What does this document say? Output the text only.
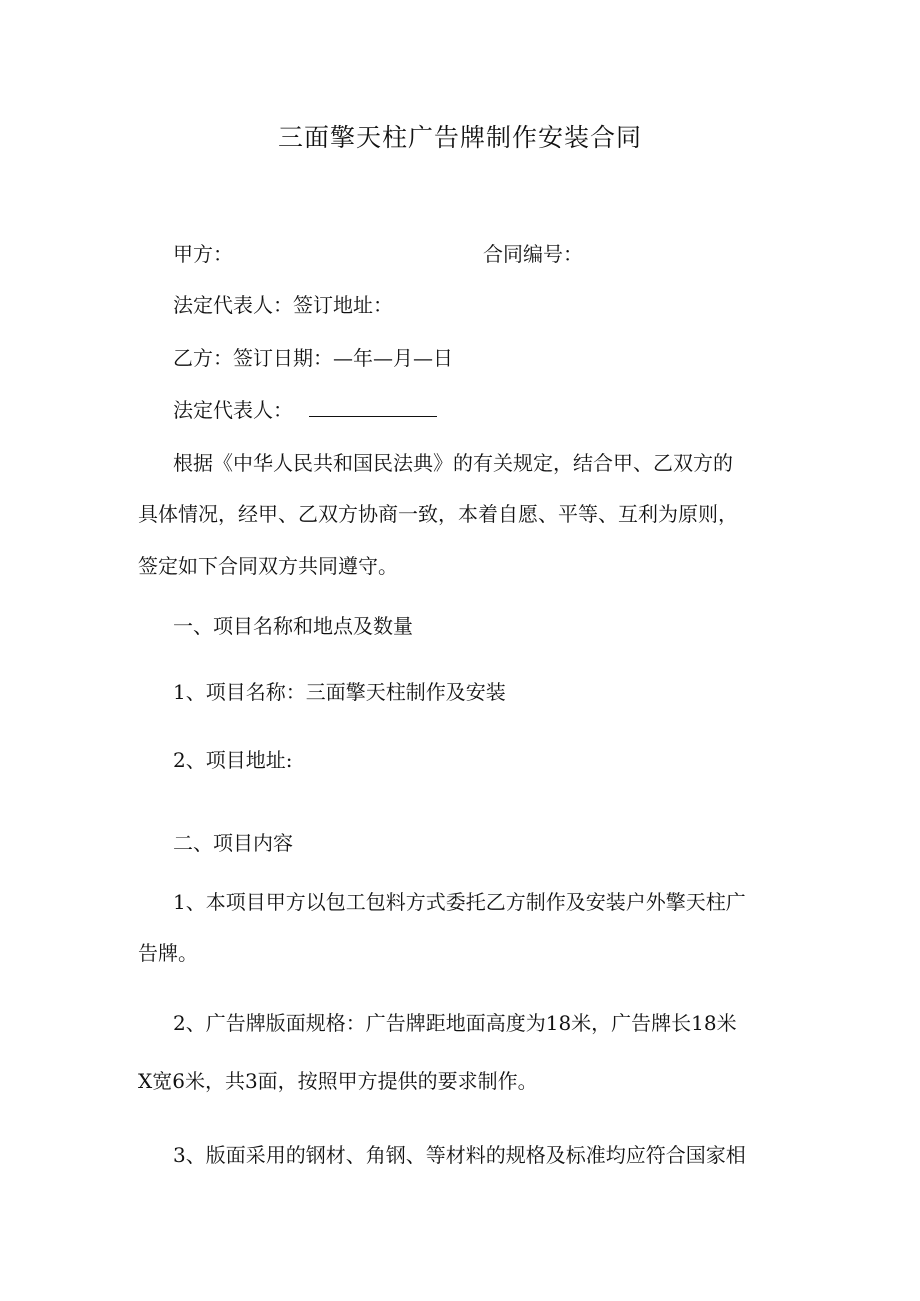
三面擎天柱广告牌制作安装合同
甲方：	合同编号：
法定代表人：签订地址：
乙方：签订日期：—年—月—日
法定代表人：
根据《中华人民共和国民法典》的有关规定，结合甲、乙双方的
具体情况，经甲、乙双方协商一致，本着自愿、平等、互利为原则，
签定如下合同双方共同遵守。
一、项目名称和地点及数量
1、项目名称：三面擎天柱制作及安装
2、项目地址:
二、项目内容
1、本项目甲方以包工包料方式委托乙方制作及安装户外擎天柱广
告牌。
2、广告牌版面规格：广告牌距地面高度为18米，广告牌长18米
X宽6米，共3面，按照甲方提供的要求制作。
3、版面采用的钢材、角钢、等材料的规格及标准均应符合国家相
